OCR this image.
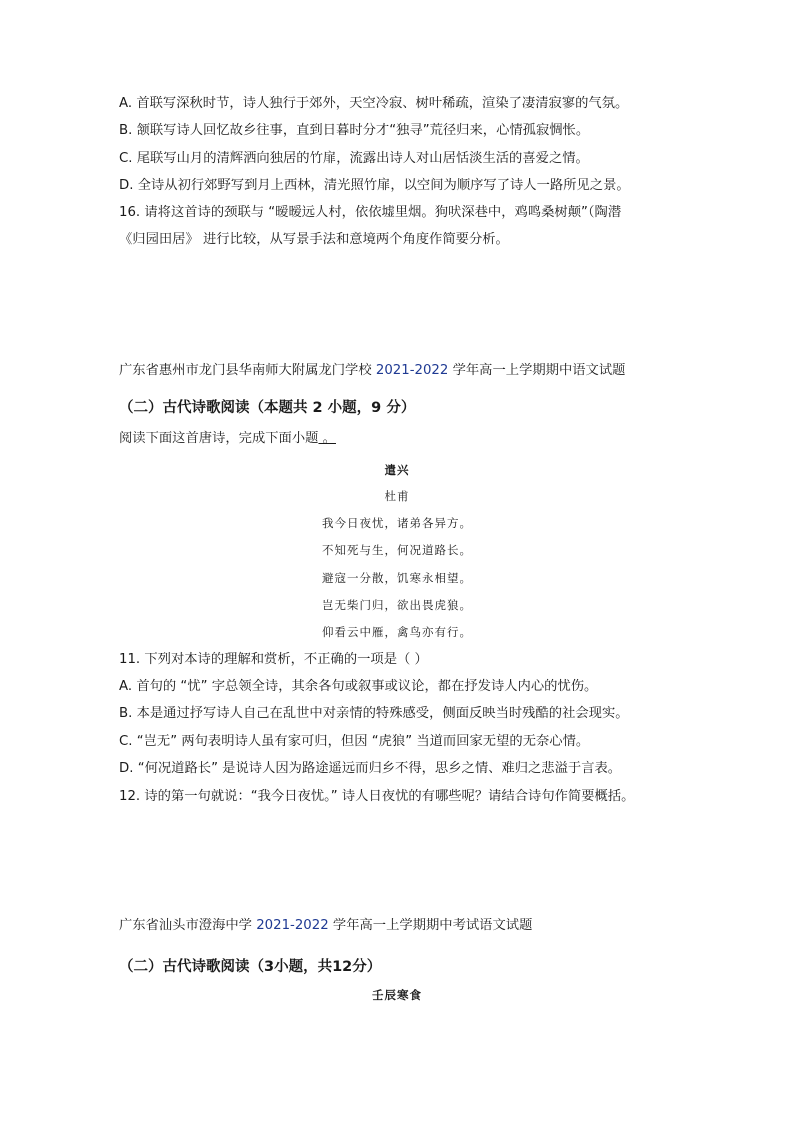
A. 首联写深秋时节，诗人独行于郊外，天空冷寂、树叶稀疏，渲染了凄清寂寥的气氛。
B. 颔联写诗人回忆故乡往事，直到日暮时分才“独寻”荒径归来，心情孤寂惆怅。
C. 尾联写山月的清辉洒向独居的竹扉，流露出诗人对山居恬淡生活的喜爱之情。
D. 全诗从初行郊野写到月上西林，清光照竹扉，以空间为顺序写了诗人一路所见之景。
16. 请将这首诗的颈联与 “暧暧远人村，依依墟里烟。狗吠深巷中，鸡鸣桑树颠”（陶潜
《归园田居》 进行比较，从写景手法和意境两个角度作简要分析。
广东省惠州市龙门县华南师大附属龙门学校 2021-2022 学年高一上学期期中语文试题
（二）古代诗歌阅读（本题共 2 小题，9 分）
阅读下面这首唐诗，完成下面小题 。
遣兴
杜甫
我今日夜忧，诸弟各异方。
不知死与生，何况道路长。
避寇一分散，饥寒永相望。
岂无柴门归，欲出畏虎狼。
仰看云中雁，禽鸟亦有行。
11. 下列对本诗的理解和赏析，不正确的一项是（ ）
A. 首句的 “忧” 字总领全诗，其余各句或叙事或议论，都在抒发诗人内心的忧伤。
B. 本是通过抒写诗人自己在乱世中对亲情的特殊感受，侧面反映当时残酷的社会现实。
C. “岂无” 两句表明诗人虽有家可归，但因 “虎狼” 当道而回家无望的无奈心情。
D. “何况道路长” 是说诗人因为路途遥远而归乡不得，思乡之情、难归之悲溢于言表。
12. 诗的第一句就说：“我今日夜忧。” 诗人日夜忧的有哪些呢？请结合诗句作简要概括。
广东省汕头市澄海中学 2021-2022 学年高一上学期期中考试语文试题
（二）古代诗歌阅读（3小题，共12分）
壬辰寒食
